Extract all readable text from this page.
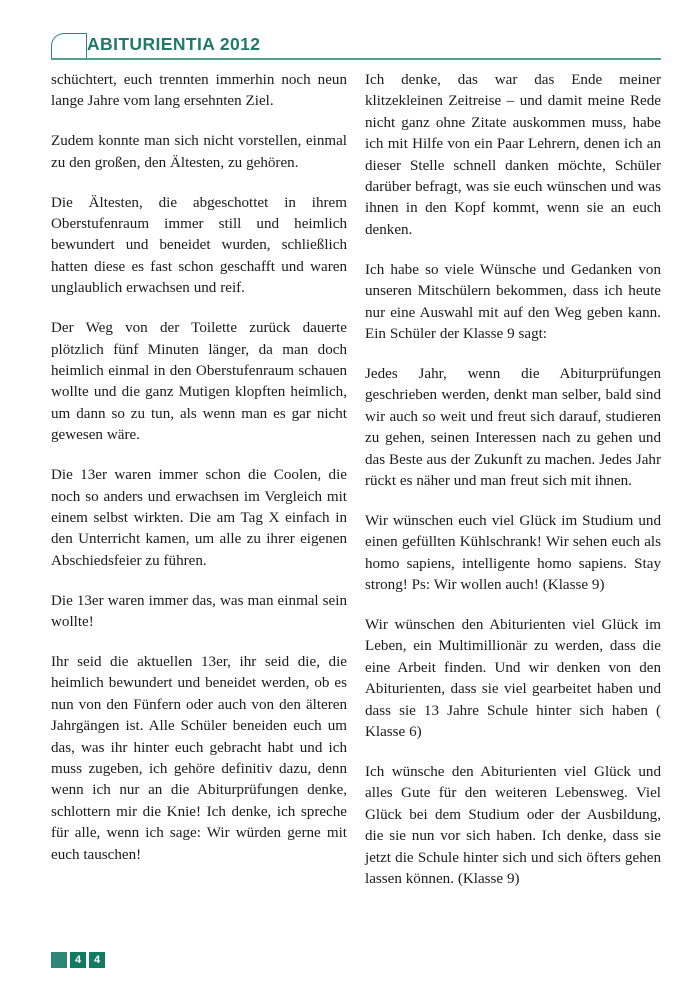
ABITURIENTIA 2012

schüchtert, euch trennten immerhin noch neun lange Jahre vom lang ersehnten Ziel.

Zudem konnte man sich nicht vorstellen, einmal zu den großen, den Ältesten, zu gehören.

Die Ältesten, die abgeschottet in ihrem Oberstufenraum immer still und heimlich bewundert und beneidet wurden, schließlich hatten diese es fast schon geschafft und waren unglaublich erwachsen und reif.

Der Weg von der Toilette zurück dauerte plötzlich fünf Minuten länger, da man doch heimlich einmal in den Oberstufenraum schauen wollte und die ganz Mutigen klopften heimlich, um dann so zu tun, als wenn man es gar nicht gewesen wäre.

Die 13er waren immer schon die Coolen, die noch so anders und erwachsen im Vergleich mit einem selbst wirkten. Die am Tag X einfach in den Unterricht kamen, um alle zu ihrer eigenen Abschiedsfeier zu führen.

Die 13er waren immer das, was man einmal sein wollte!

Ihr seid die aktuellen 13er, ihr seid die, die heimlich bewundert und beneidet werden, ob es nun von den Fünfern oder auch von den älteren Jahrgängen ist. Alle Schüler beneiden euch um das, was ihr hinter euch gebracht habt und ich muss zugeben, ich gehöre definitiv dazu, denn wenn ich nur an die Abiturprüfungen denke, schlottern mir die Knie! Ich denke, ich spreche für alle, wenn ich sage: Wir würden gerne mit euch tauschen!

Ich denke, das war das Ende meiner klitzekleinen Zeitreise – und damit meine Rede nicht ganz ohne Zitate auskommen muss, habe ich mit Hilfe von ein Paar Lehrern, denen ich an dieser Stelle schnell danken möchte, Schüler darüber befragt, was sie euch wünschen und was ihnen in den Kopf kommt, wenn sie an euch denken.

Ich habe so viele Wünsche und Gedanken von unseren Mitschülern bekommen, dass ich heute nur eine Auswahl mit auf den Weg geben kann. Ein Schüler der Klasse 9 sagt:

Jedes Jahr, wenn die Abiturprüfungen geschrieben werden, denkt man selber, bald sind wir auch so weit und freut sich darauf, studieren zu gehen, seinen Interessen nach zu gehen und das Beste aus der Zukunft zu machen. Jedes Jahr rückt es näher und man freut sich mit ihnen.

Wir wünschen euch viel Glück im Studium und einen gefüllten Kühlschrank! Wir sehen euch als homo sapiens, intelligente homo sapiens. Stay strong! Ps: Wir wollen auch! (Klasse 9)

Wir wünschen den Abiturienten viel Glück im Leben, ein Multimillionär zu werden, dass die eine Arbeit finden. Und wir denken von den Abiturienten, dass sie viel gearbeitet haben und dass sie 13 Jahre Schule hinter sich haben ( Klasse 6)

Ich wünsche den Abiturienten viel Glück und alles Gute für den weiteren Lebensweg. Viel Glück bei dem Studium oder der Ausbildung, die sie nun vor sich haben. Ich denke, dass sie jetzt die Schule hinter sich und sich öfters gehen lassen können. (Klasse 9)

4	4
